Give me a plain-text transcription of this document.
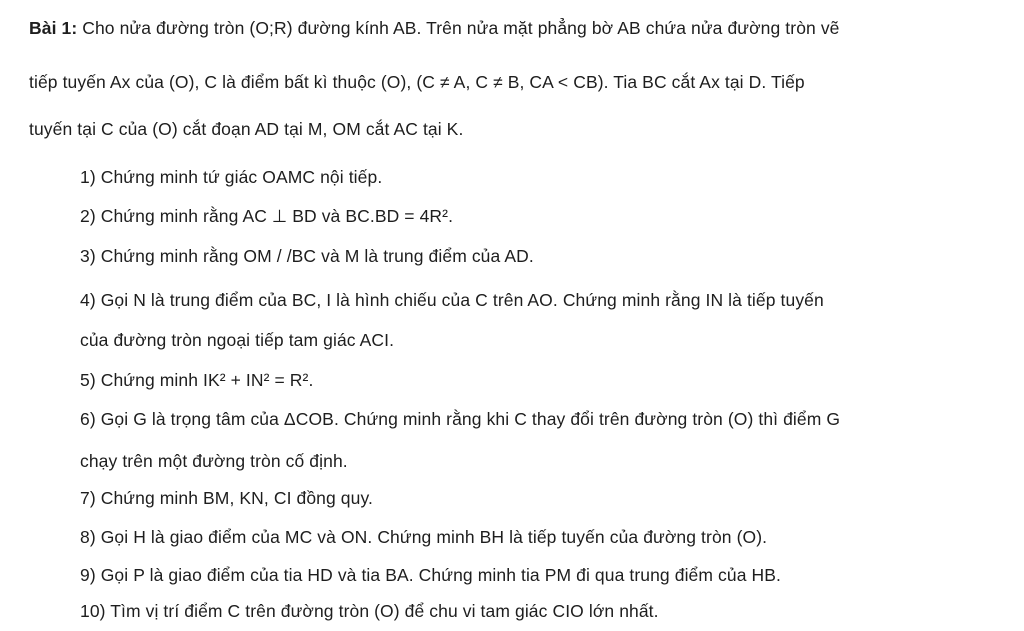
Bài 1: Cho nửa đường tròn (O;R) đường kính AB. Trên nửa mặt phẳng bờ AB chứa nửa đường tròn vẽ
tiếp tuyến Ax của (O), C là điểm bất kì thuộc (O), (C ≠ A, C ≠ B, CA < CB). Tia BC cắt Ax tại D. Tiếp
tuyến tại C của (O) cắt đoạn AD tại M, OM cắt AC tại K.
1) Chứng minh tứ giác OAMC nội tiếp.
2) Chứng minh rằng AC ⊥ BD và BC.BD = 4R².
3) Chứng minh rằng OM / /BC và M là trung điểm của AD.
4) Gọi N là trung điểm của BC, I là hình chiếu của C trên AO. Chứng minh rằng IN là tiếp tuyến
của đường tròn ngoại tiếp tam giác ACI.
5) Chứng minh IK² + IN² = R².
6) Gọi G là trọng tâm của ΔCOB. Chứng minh rằng khi C thay đổi trên đường tròn (O) thì điểm G
chạy trên một đường tròn cố định.
7) Chứng minh BM, KN, CI đồng quy.
8) Gọi H là giao điểm của MC và ON. Chứng minh BH là tiếp tuyến của đường tròn (O).
9) Gọi P là giao điểm của tia HD và tia BA. Chứng minh tia PM đi qua trung điểm của HB.
10) Tìm vị trí điểm C trên đường tròn (O) để chu vi tam giác CIO lớn nhất.
